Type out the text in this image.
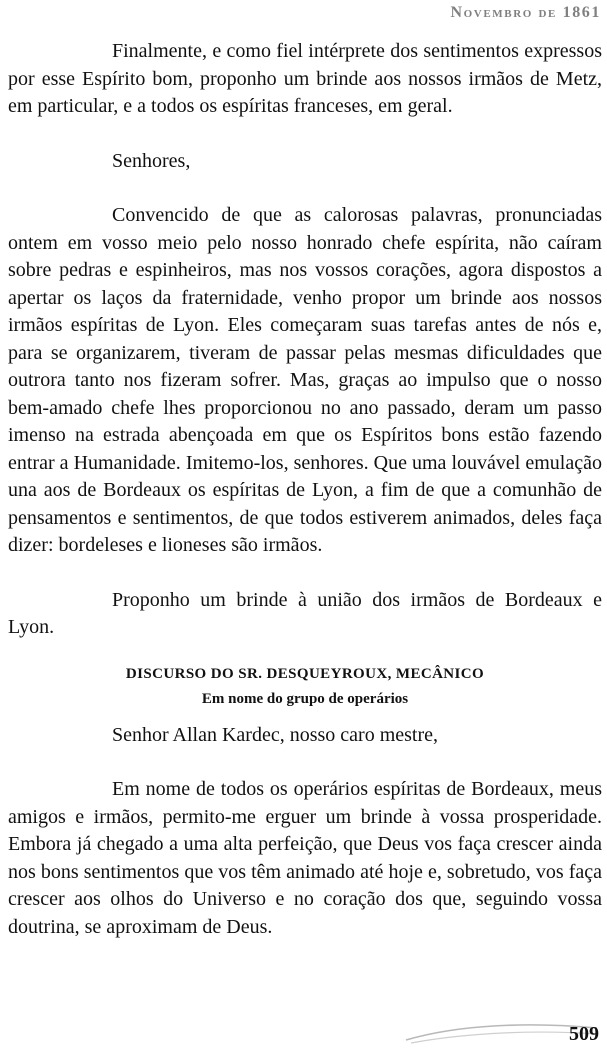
Novembro de 1861

Finalmente, e como fiel intérprete dos sentimentos expressos por esse Espírito bom, proponho um brinde aos nossos irmãos de Metz, em particular, e a todos os espíritas franceses, em geral.

Senhores,

Convencido de que as calorosas palavras, pronunciadas ontem em vosso meio pelo nosso honrado chefe espírita, não caíram sobre pedras e espinheiros, mas nos vossos corações, agora dispostos a apertar os laços da fraternidade, venho propor um brinde aos nossos irmãos espíritas de Lyon. Eles começaram suas tarefas antes de nós e, para se organizarem, tiveram de passar pelas mesmas dificuldades que outrora tanto nos fizeram sofrer. Mas, graças ao impulso que o nosso bem-amado chefe lhes proporcionou no ano passado, deram um passo imenso na estrada abençoada em que os Espíritos bons estão fazendo entrar a Humanidade. Imitemo-los, senhores. Que uma louvável emulação una aos de Bordeaux os espíritas de Lyon, a fim de que a comunhão de pensamentos e sentimentos, de que todos estiverem animados, deles faça dizer: bordeleses e lioneses são irmãos.

Proponho um brinde à união dos irmãos de Bordeaux e Lyon.

DISCURSO DO SR. DESQUEYROUX, MECÂNICO
Em nome do grupo de operários

Senhor Allan Kardec, nosso caro mestre,

Em nome de todos os operários espíritas de Bordeaux, meus amigos e irmãos, permito-me erguer um brinde à vossa prosperidade. Embora já chegado a uma alta perfeição, que Deus vos faça crescer ainda nos bons sentimentos que vos têm animado até hoje e, sobretudo, vos faça crescer aos olhos do Universo e no coração dos que, seguindo vossa doutrina, se aproximam de Deus.

509
